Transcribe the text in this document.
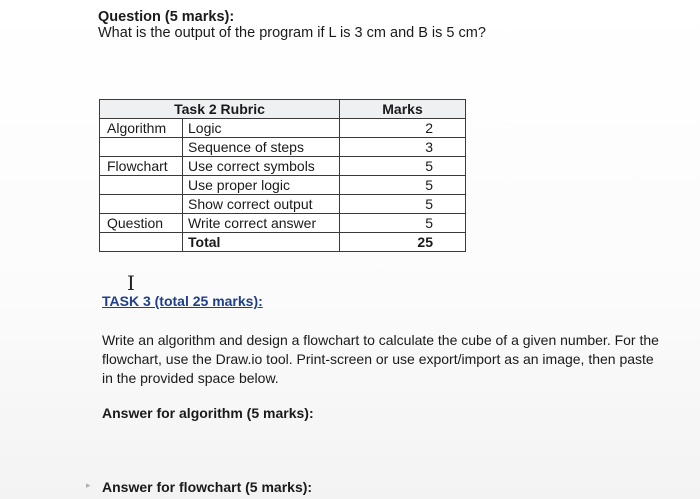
Question (5 marks):
What is the output of the program if L is 3 cm and B is 5 cm?
Task 2 Rubric		Marks
Algorithm	Logic	2
	Sequence of steps	3
Flowchart	Use correct symbols	5
	Use proper logic	5
	Show correct output	5
Question	Write correct answer	5
	Total	25
I
TASK 3 (total 25 marks):
Write an algorithm and design a flowchart to calculate the cube of a given number. For the flowchart, use the Draw.io tool. Print-screen or use export/import as an image, then paste in the provided space below.
Answer for algorithm (5 marks):
▸ Answer for flowchart (5 marks):
